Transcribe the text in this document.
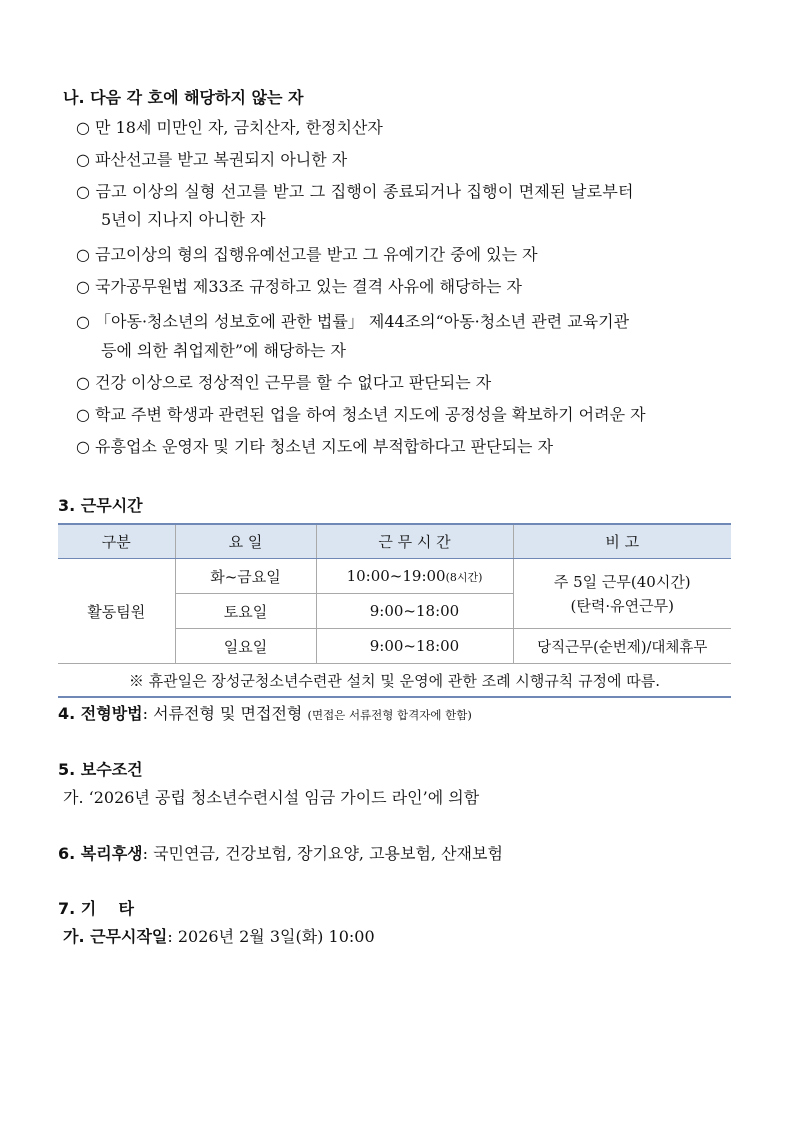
나. 다음 각 호에 해당하지 않는 자
○ 만 18세 미만인 자, 금치산자, 한정치산자
○ 파산선고를 받고 복권되지 아니한 자
○ 금고 이상의 실형 선고를 받고 그 집행이 종료되거나 집행이 면제된 날로부터
5년이 지나지 아니한 자
○ 금고이상의 형의 집행유예선고를 받고 그 유예기간 중에 있는 자
○ 국가공무원법 제33조 규정하고 있는 결격 사유에 해당하는 자
○ 「아동·청소년의 성보호에 관한 법률」 제44조의“아동·청소년 관련 교육기관
등에 의한 취업제한”에 해당하는 자
○ 건강 이상으로 정상적인 근무를 할 수 없다고 판단되는 자
○ 학교 주변 학생과 관련된 업을 하여 청소년 지도에 공정성을 확보하기 어려운 자
○ 유흥업소 운영자 및 기타 청소년 지도에 부적합하다고 판단되는 자
3. 근무시간
구분	요 일	근 무 시 간	비 고
활동팀원	화~금요일	10:00~19:00(8시간)	주 5일 근무(40시간)
(탄력·유연근무)

	토요일	9:00~18:00	
	일요일	9:00~18:00	당직근무(순번제)/대체휴무
※ 휴관일은 장성군청소년수련관 설치 및 운영에 관한 조례 시행규칙 규정에 따름.			
4. 전형방법: 서류전형 및 면접전형 (면접은 서류전형 합격자에 한함)
5. 보수조건
가. ‘2026년 공립 청소년수련시설 임금 가이드 라인’에 의함
6. 복리후생: 국민연금, 건강보험, 장기요양, 고용보험, 산재보험
7. 기    타
가. 근무시작일: 2026년 2월 3일(화) 10:00
